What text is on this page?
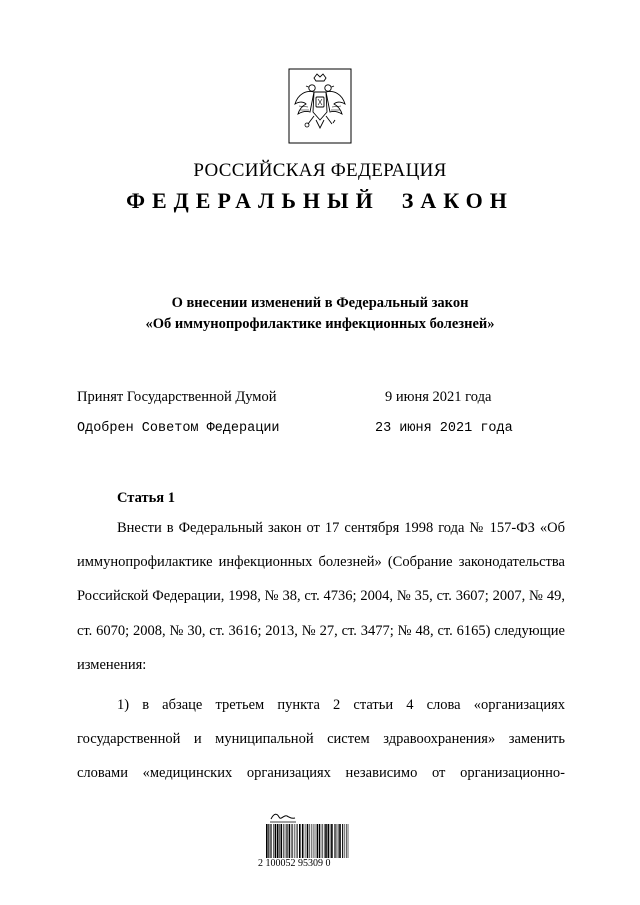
РОССИЙСКАЯ ФЕДЕРАЦИЯ
ФЕДЕРАЛЬНЫЙ ЗАКОН
О внесении изменений в Федеральный закон
«Об иммунопрофилактике инфекционных болезней»
Принят Государственной Думой	9 июня 2021 года
Одобрен Советом Федерации	23 июня 2021 года
Статья 1

Внести в Федеральный закон от 17 сентября 1998 года № 157-ФЗ «Об иммунопрофилактике инфекционных болезней» (Собрание законодательства Российской Федерации, 1998, № 38, ст. 4736; 2004, № 35, ст. 3607; 2007, № 49, ст. 6070; 2008, № 30, ст. 3616; 2013, № 27, ст. 3477; № 48, ст. 6165) следующие изменения:

1) в абзаце третьем пункта 2 статьи 4 слова «организациях государственной и муниципальной систем здравоохранения» заменить словами «медицинских организациях независимо от организационно-

2 100052 95309 0
